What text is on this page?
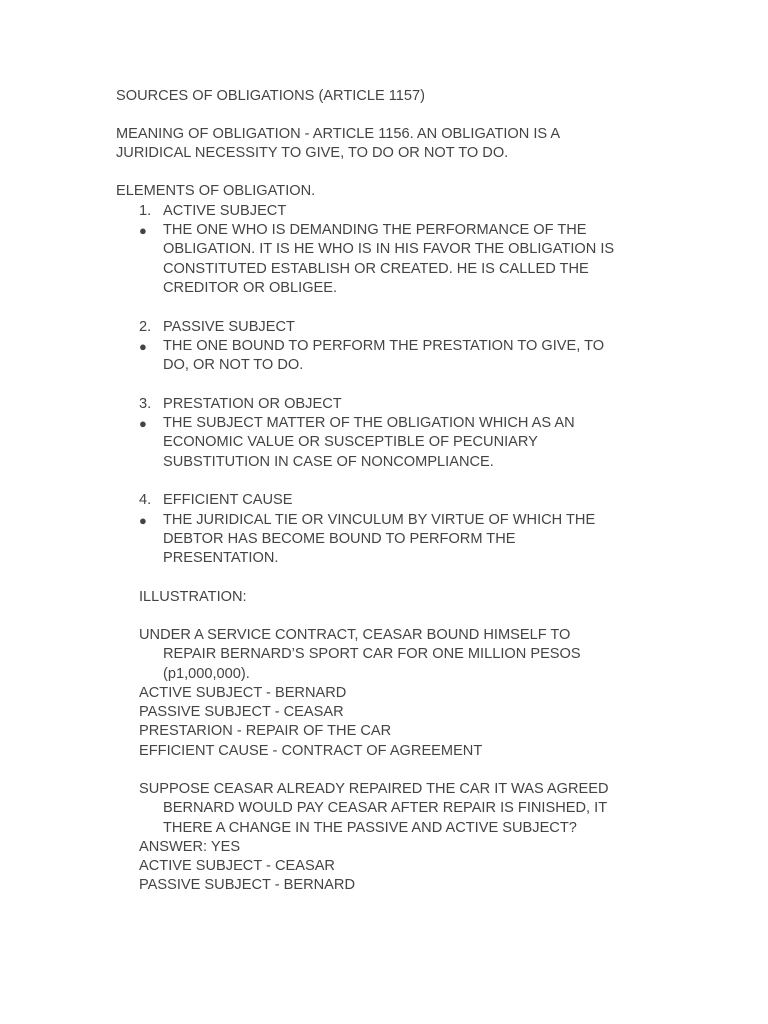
SOURCES OF OBLIGATIONS (ARTICLE 1157)
MEANING OF OBLIGATION - ARTICLE 1156. AN OBLIGATION IS A
JURIDICAL NECESSITY TO GIVE, TO DO OR NOT TO DO.
ELEMENTS OF OBLIGATION.
1. ACTIVE SUBJECT
● THE ONE WHO IS DEMANDING THE PERFORMANCE OF THE
OBLIGATION. IT IS HE WHO IS IN HIS FAVOR THE OBLIGATION IS
CONSTITUTED ESTABLISH OR CREATED. HE IS CALLED THE
CREDITOR OR OBLIGEE.
2. PASSIVE SUBJECT
● THE ONE BOUND TO PERFORM THE PRESTATION TO GIVE, TO
DO, OR NOT TO DO.
3. PRESTATION OR OBJECT
● THE SUBJECT MATTER OF THE OBLIGATION WHICH AS AN
ECONOMIC VALUE OR SUSCEPTIBLE OF PECUNIARY
SUBSTITUTION IN CASE OF NONCOMPLIANCE.
4. EFFICIENT CAUSE
● THE JURIDICAL TIE OR VINCULUM BY VIRTUE OF WHICH THE
DEBTOR HAS BECOME BOUND TO PERFORM THE
PRESENTATION.
ILLUSTRATION:
UNDER A SERVICE CONTRACT, CEASAR BOUND HIMSELF TO
REPAIR BERNARD’S SPORT CAR FOR ONE MILLION PESOS
(p1,000,000).
ACTIVE SUBJECT - BERNARD
PASSIVE SUBJECT - CEASAR
PRESTARION - REPAIR OF THE CAR
EFFICIENT CAUSE - CONTRACT OF AGREEMENT
SUPPOSE CEASAR ALREADY REPAIRED THE CAR IT WAS AGREED
BERNARD WOULD PAY CEASAR AFTER REPAIR IS FINISHED, IT
THERE A CHANGE IN THE PASSIVE AND ACTIVE SUBJECT?
ANSWER: YES
ACTIVE SUBJECT - CEASAR
PASSIVE SUBJECT - BERNARD
